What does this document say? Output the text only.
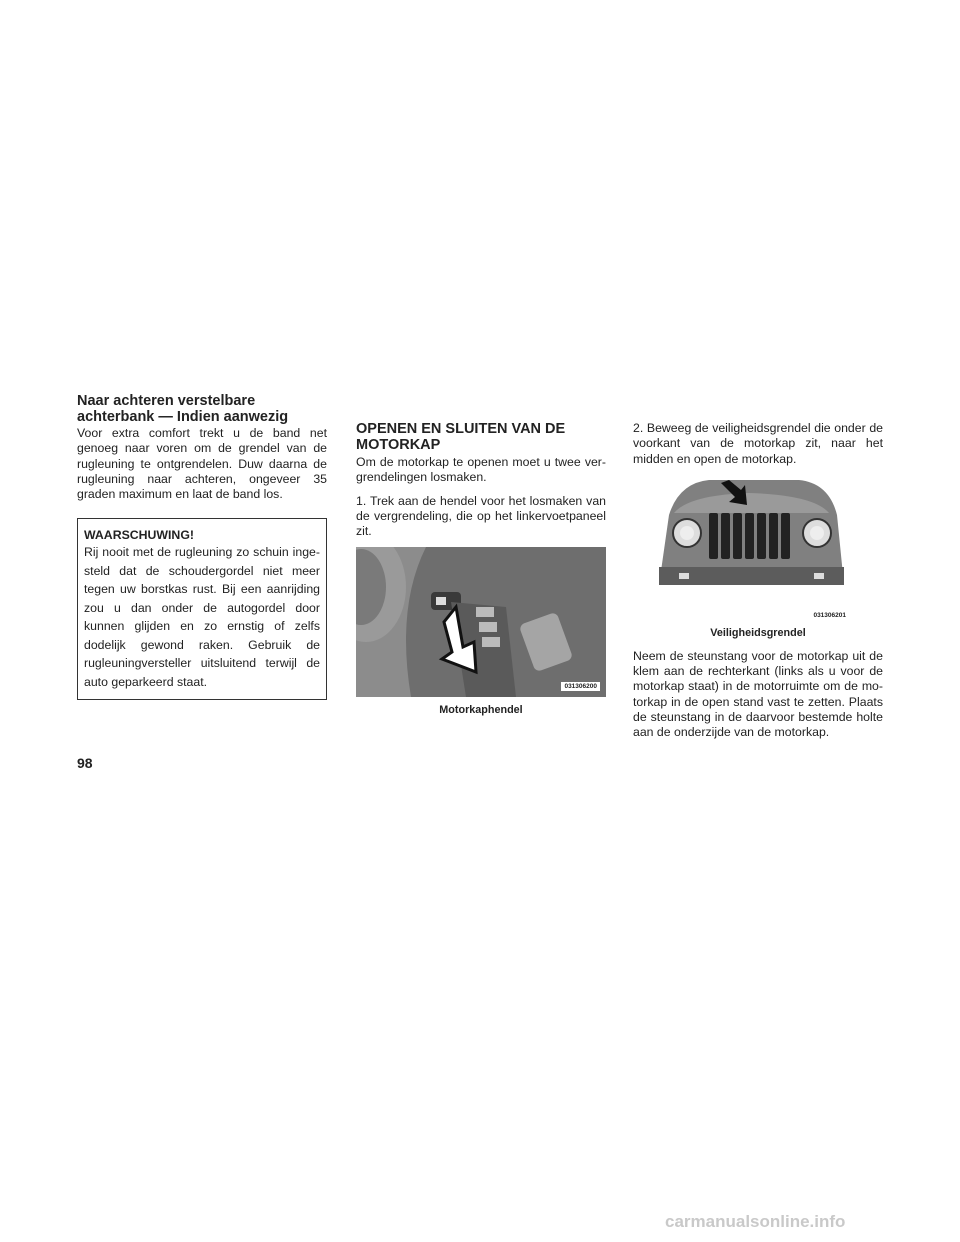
Naar achteren verstelbare achterbank — Indien aanwezig

Voor extra comfort trekt u de band net genoeg naar voren om de grendel van de rugleuning te ontgrendelen. Duw daarna de rugleuning naar achteren, ongeveer 35 graden maximum en laat de band los.

WAARSCHUWING!

Rij nooit met de rugleuning zo schuin inge-steld dat de schoudergordel niet meer tegen uw borstkas rust. Bij een aanrijding zou u dan onder de autogordel door kunnen glijden en zo ernstig of zelfs dodelijk gewond raken. Gebruik de rugleuningversteller uitsluitend terwijl de auto geparkeerd staat.

OPENEN EN SLUITEN VAN DE MOTORKAP

Om de motorkap te openen moet u twee ver-grendelingen losmaken.

1. Trek aan de hendel voor het losmaken van de vergrendeling, die op het linkervoetpaneel zit.

031306200
Motorkaphendel

2. Beweeg de veiligheidsgrendel die onder de voorkant van de motorkap zit, naar het midden en open de motorkap.

031306201
Veiligheidsgrendel

Neem de steunstang voor de motorkap uit de klem aan de rechterkant (links als u voor de motorkap staat) in de motorruimte om de mo-torkap in de open stand vast te zetten. Plaats de steunstang in de daarvoor bestemde holte aan de onderzijde van de motorkap.

98
carmanualsonline.info
